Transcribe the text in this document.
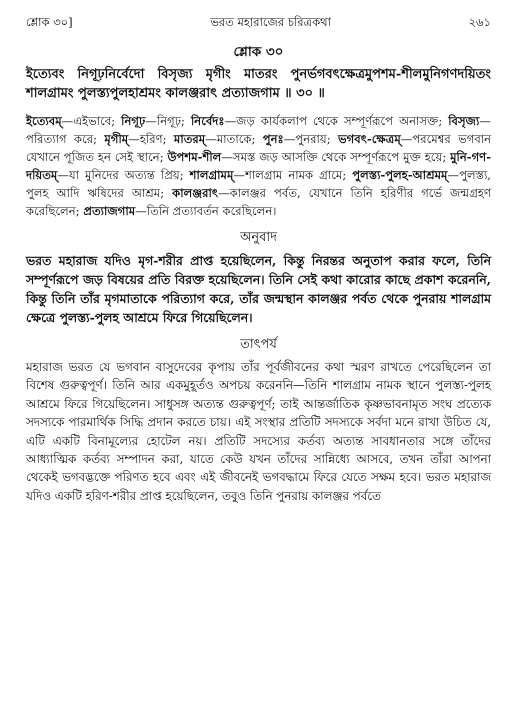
শ্লোক ৩০]	ভরত মহারাজের চরিত্রকথা	২৬১
শ্লোক ৩০
ইত্যেবং নিগূঢ়নির্বেদো বিসৃজ্য মৃগীং মাতরং পুনর্ভগবৎক্ষেত্রমুপশম-শীলমুনিগণদয়িতং শালগ্রামং পুলস্ত্যপুলহাশ্রমং কালঞ্জরাৎ প্রত্যাজগাম ॥ ৩০ ॥
ইত্যেবম্—এইভাবে; নিগূঢ়—নিগূঢ়; নির্বেদঃ—জড় কার্যকলাপ থেকে সম্পূর্ণরূপে অনাসক্ত; বিসৃজ্য—পরিত্যাগ করে; মৃগীম্—হরিণ; মাতরম্—মাতাকে; পুনঃ—পুনরায়; ভগবৎ-ক্ষেত্রম্—পরমেশ্বর ভগবান যেখানে পূজিত হন সেই স্থানে; উপশম-শীল—সমস্ত জড় আসক্তি থেকে সম্পূর্ণরূপে মুক্ত হয়ে; মুনি-গণ-দয়িতম্—যা মুনিদের অত্যন্ত প্রিয়; শালগ্রামম্—শালগ্রাম নামক গ্রামে; পুলস্ত্য-পুলহ-আশ্রমম্—পুলস্ত্য, পুলহ আদি ঋষিদের আশ্রম; কালঞ্জরাৎ—কালঞ্জর পর্বত, যেখানে তিনি হরিণীর গর্ভে জন্মগ্রহণ করেছিলেন; প্রত্যাজগাম—তিনি প্রত্যাবর্তন করেছিলেন।
অনুবাদ
ভরত মহারাজ যদিও মৃগ-শরীর প্রাপ্ত হয়েছিলেন, কিন্তু নিরন্তর অনুতাপ করার ফলে, তিনি সম্পূর্ণরূপে জড় বিষয়ের প্রতি বিরক্ত হয়েছিলেন। তিনি সেই কথা কারোর কাছে প্রকাশ করেননি, কিন্তু তিনি তাঁর মৃগমাতাকে পরিত্যাগ করে, তাঁর জন্মস্থান কালঞ্জর পর্বত থেকে পুনরায় শালগ্রাম ক্ষেত্রে পুলস্ত্য-পুলহ আশ্রমে ফিরে গিয়েছিলেন।
তাৎপর্য
মহারাজ ভরত যে ভগবান বাসুদেবের কৃপায় তাঁর পূর্বজীবনের কথা স্মরণ রাখতে পেরেছিলেন তা বিশেষ গুরুত্বপূর্ণ। তিনি আর একমুহূর্তও অপচয় করেননি—তিনি শালগ্রাম নামক স্থানে পুলস্ত্য-পুলহ আশ্রমে ফিরে গিয়েছিলেন। সাধুসঙ্গ অত্যন্ত গুরুত্বপূর্ণ; তাই আন্তর্জাতিক কৃষ্ণভাবনামৃত সংঘ প্রত্যেক সদস্যকে পারমার্থিক সিদ্ধি প্রদান করতে চায়। এই সংস্থার প্রতিটি সদস্যকে সর্বদা মনে রাখা উচিত যে, এটি একটি বিনামূল্যের হোটেল নয়। প্রতিটি সদস্যের কর্তব্য অত্যন্ত সাবধানতার সঙ্গে তাঁদের আধ্যাত্মিক কর্তব্য সম্পাদন করা, যাতে কেউ যখন তাঁদের সান্নিধ্যে আসবে, তখন তাঁরা আপনা থেকেই ভগবদ্ভক্তে পরিণত হবে এবং এই জীবনেই ভগবদ্ধামে ফিরে যেতে সক্ষম হবে। ভরত মহারাজ যদিও একটি হরিণ-শরীর প্রাপ্ত হয়েছিলেন, তবুও তিনি পুনরায় কালঞ্জর পর্বতে
